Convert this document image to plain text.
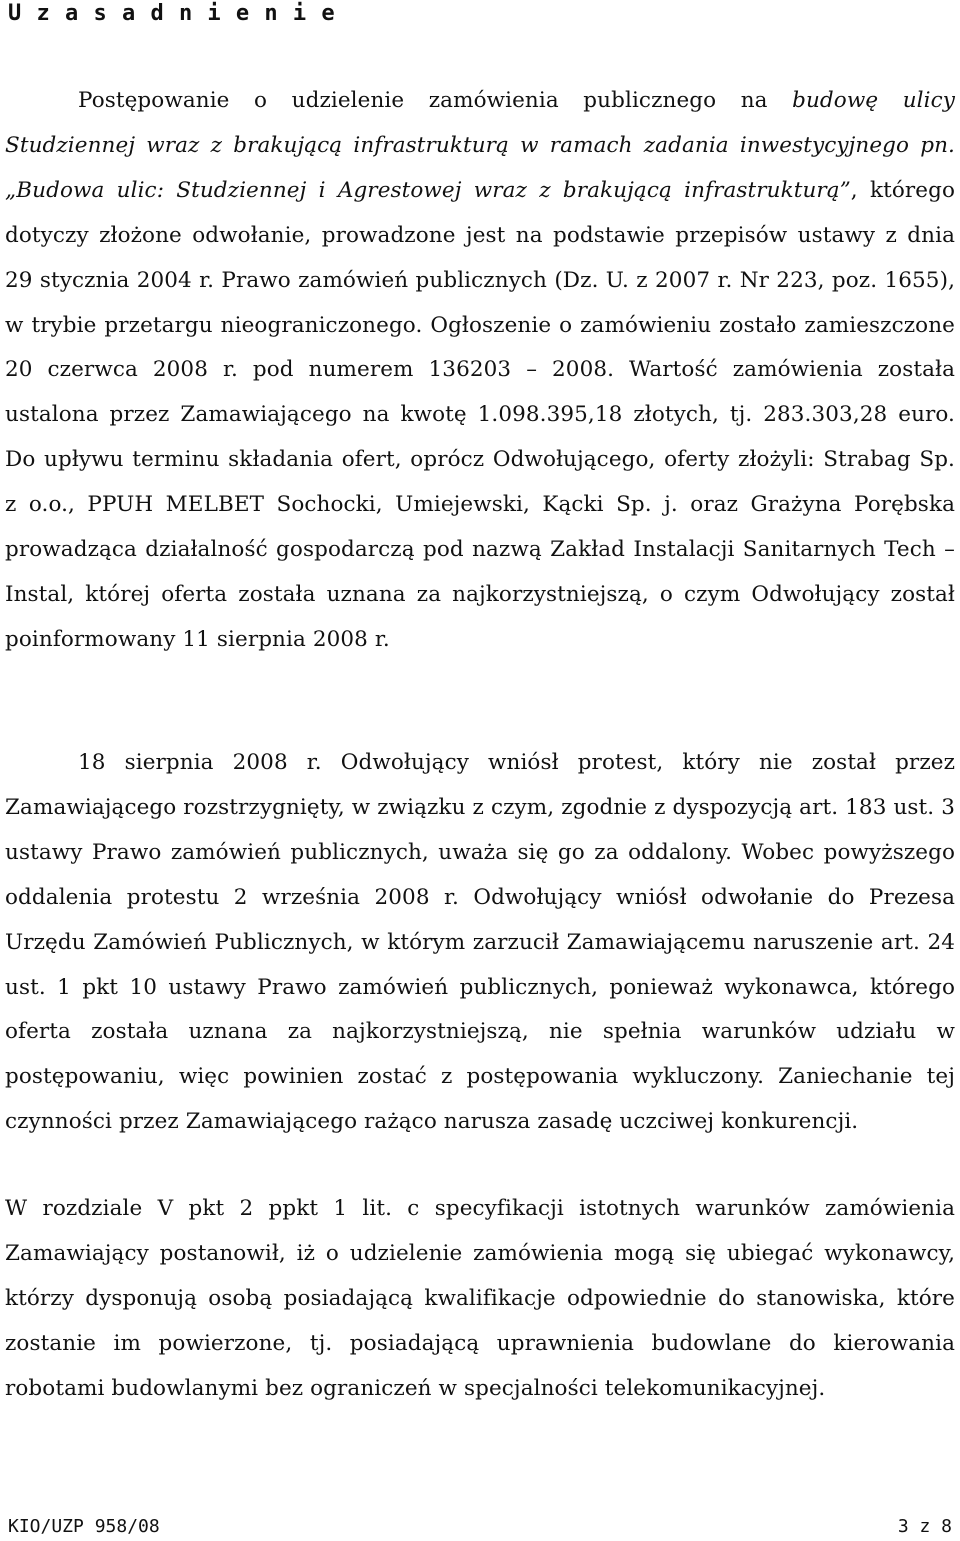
U z a s a d n i e n i e
Postępowanie o udzielenie zamówienia publicznego na budowę ulicy Studziennej wraz z brakującą infrastrukturą w ramach zadania inwestycyjnego pn. „Budowa ulic: Studziennej i Agrestowej wraz z brakującą infrastrukturą”, którego dotyczy złożone odwołanie, prowadzone jest na podstawie przepisów ustawy z dnia 29 stycznia 2004 r. Prawo zamówień publicznych (Dz. U. z 2007 r. Nr 223, poz. 1655), w trybie przetargu nieograniczonego. Ogłoszenie o zamówieniu zostało zamieszczone 20 czerwca 2008 r. pod numerem 136203 – 2008. Wartość zamówienia została ustalona przez Zamawiającego na kwotę 1.098.395,18 złotych, tj. 283.303,28 euro. Do upływu terminu składania ofert, oprócz Odwołującego, oferty złożyli: Strabag Sp. z o.o., PPUH MELBET Sochocki, Umiejewski, Kącki Sp. j. oraz Grażyna Porębska prowadząca działalność gospodarczą pod nazwą Zakład Instalacji Sanitarnych Tech – Instal, której oferta została uznana za najkorzystniejszą, o czym Odwołujący został poinformowany 11 sierpnia 2008 r.
18 sierpnia 2008 r. Odwołujący wniósł protest, który nie został przez Zamawiającego rozstrzygnięty, w związku z czym, zgodnie z dyspozycją art. 183 ust. 3 ustawy Prawo zamówień publicznych, uważa się go za oddalony. Wobec powyższego oddalenia protestu 2 września 2008 r. Odwołujący wniósł odwołanie do Prezesa Urzędu Zamówień Publicznych, w którym zarzucił Zamawiającemu naruszenie art. 24 ust. 1 pkt 10 ustawy Prawo zamówień publicznych, ponieważ wykonawca, którego oferta została uznana za najkorzystniejszą, nie spełnia warunków udziału w postępowaniu, więc powinien zostać z postępowania wykluczony. Zaniechanie tej czynności przez Zamawiającego rażąco narusza zasadę uczciwej konkurencji.
W rozdziale V pkt 2 ppkt 1 lit. c specyfikacji istotnych warunków zamówienia Zamawiający postanowił, iż o udzielenie zamówienia mogą się ubiegać wykonawcy, którzy dysponują osobą posiadającą kwalifikacje odpowiednie do stanowiska, które zostanie im powierzone, tj. posiadającą uprawnienia budowlane do kierowania robotami budowlanymi bez ograniczeń w specjalności telekomunikacyjnej.
KIO/UZP 958/08	3 z 8
